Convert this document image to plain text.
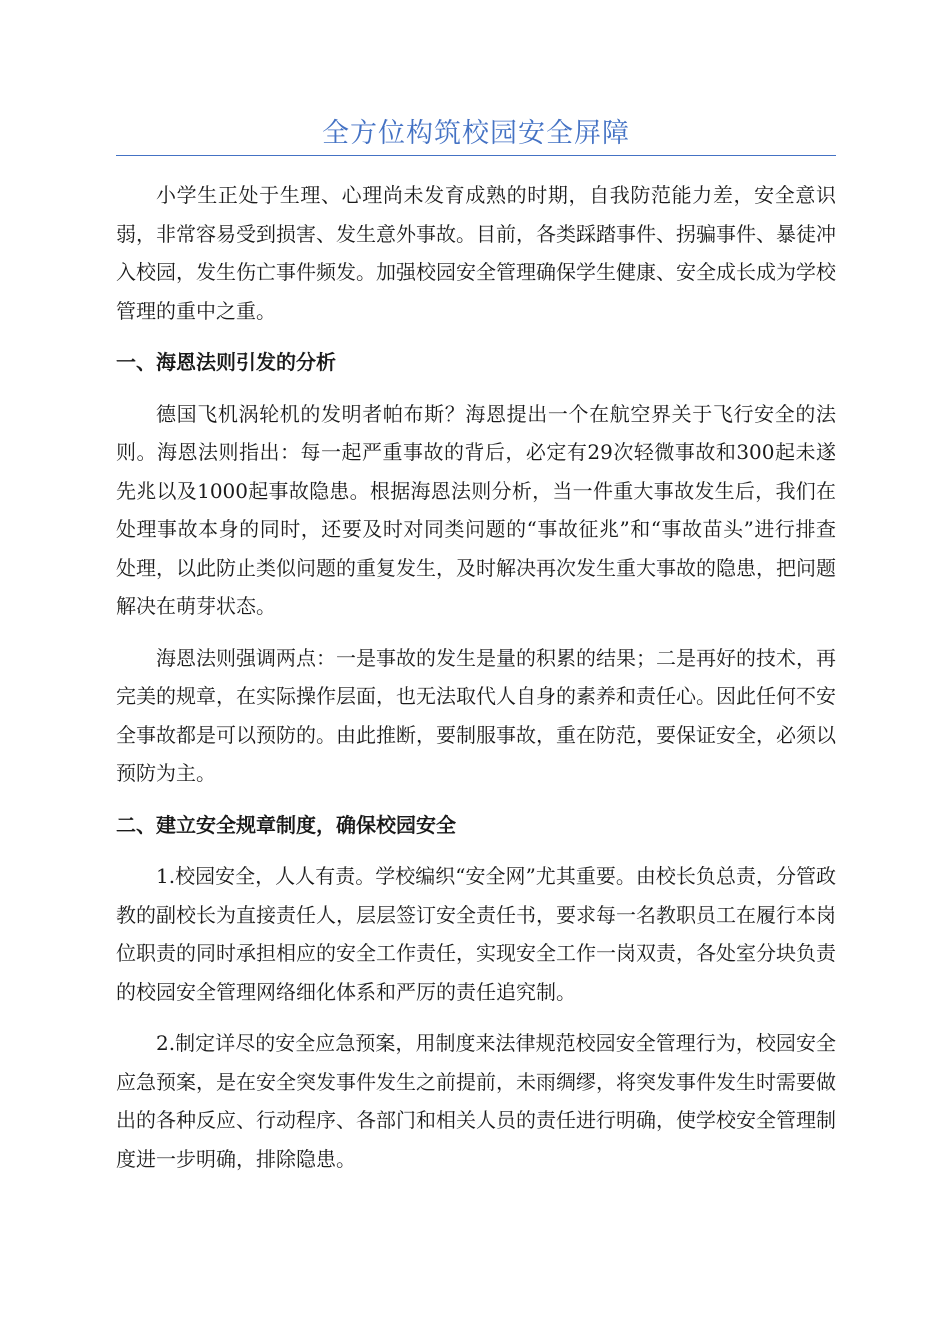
全方位构筑校园安全屏障

小学生正处于生理、心理尚未发育成熟的时期，自我防范能力差，安全意识弱，非常容易受到损害、发生意外事故。目前，各类踩踏事件、拐骗事件、暴徒冲入校园，发生伤亡事件频发。加强校园安全管理确保学生健康、安全成长成为学校管理的重中之重。

一、海恩法则引发的分析

德国飞机涡轮机的发明者帕布斯？海恩提出一个在航空界关于飞行安全的法则。海恩法则指出：每一起严重事故的背后，必定有29次轻微事故和300起未遂先兆以及1000起事故隐患。根据海恩法则分析，当一件重大事故发生后，我们在处理事故本身的同时，还要及时对同类问题的“事故征兆”和“事故苗头”进行排查处理，以此防止类似问题的重复发生，及时解决再次发生重大事故的隐患，把问题解决在萌芽状态。

海恩法则强调两点：一是事故的发生是量的积累的结果；二是再好的技术，再完美的规章，在实际操作层面，也无法取代人自身的素养和责任心。因此任何不安全事故都是可以预防的。由此推断，要制服事故，重在防范，要保证安全，必须以预防为主。

二、建立安全规章制度，确保校园安全

1.校园安全，人人有责。学校编织“安全网”尤其重要。由校长负总责，分管政教的副校长为直接责任人，层层签订安全责任书，要求每一名教职员工在履行本岗位职责的同时承担相应的安全工作责任，实现安全工作一岗双责，各处室分块负责的校园安全管理网络细化体系和严厉的责任追究制。

2.制定详尽的安全应急预案，用制度来法律规范校园安全管理行为，校园安全应急预案，是在安全突发事件发生之前提前，未雨绸缪，将突发事件发生时需要做出的各种反应、行动程序、各部门和相关人员的责任进行明确，使学校安全管理制度进一步明确，排除隐患。
